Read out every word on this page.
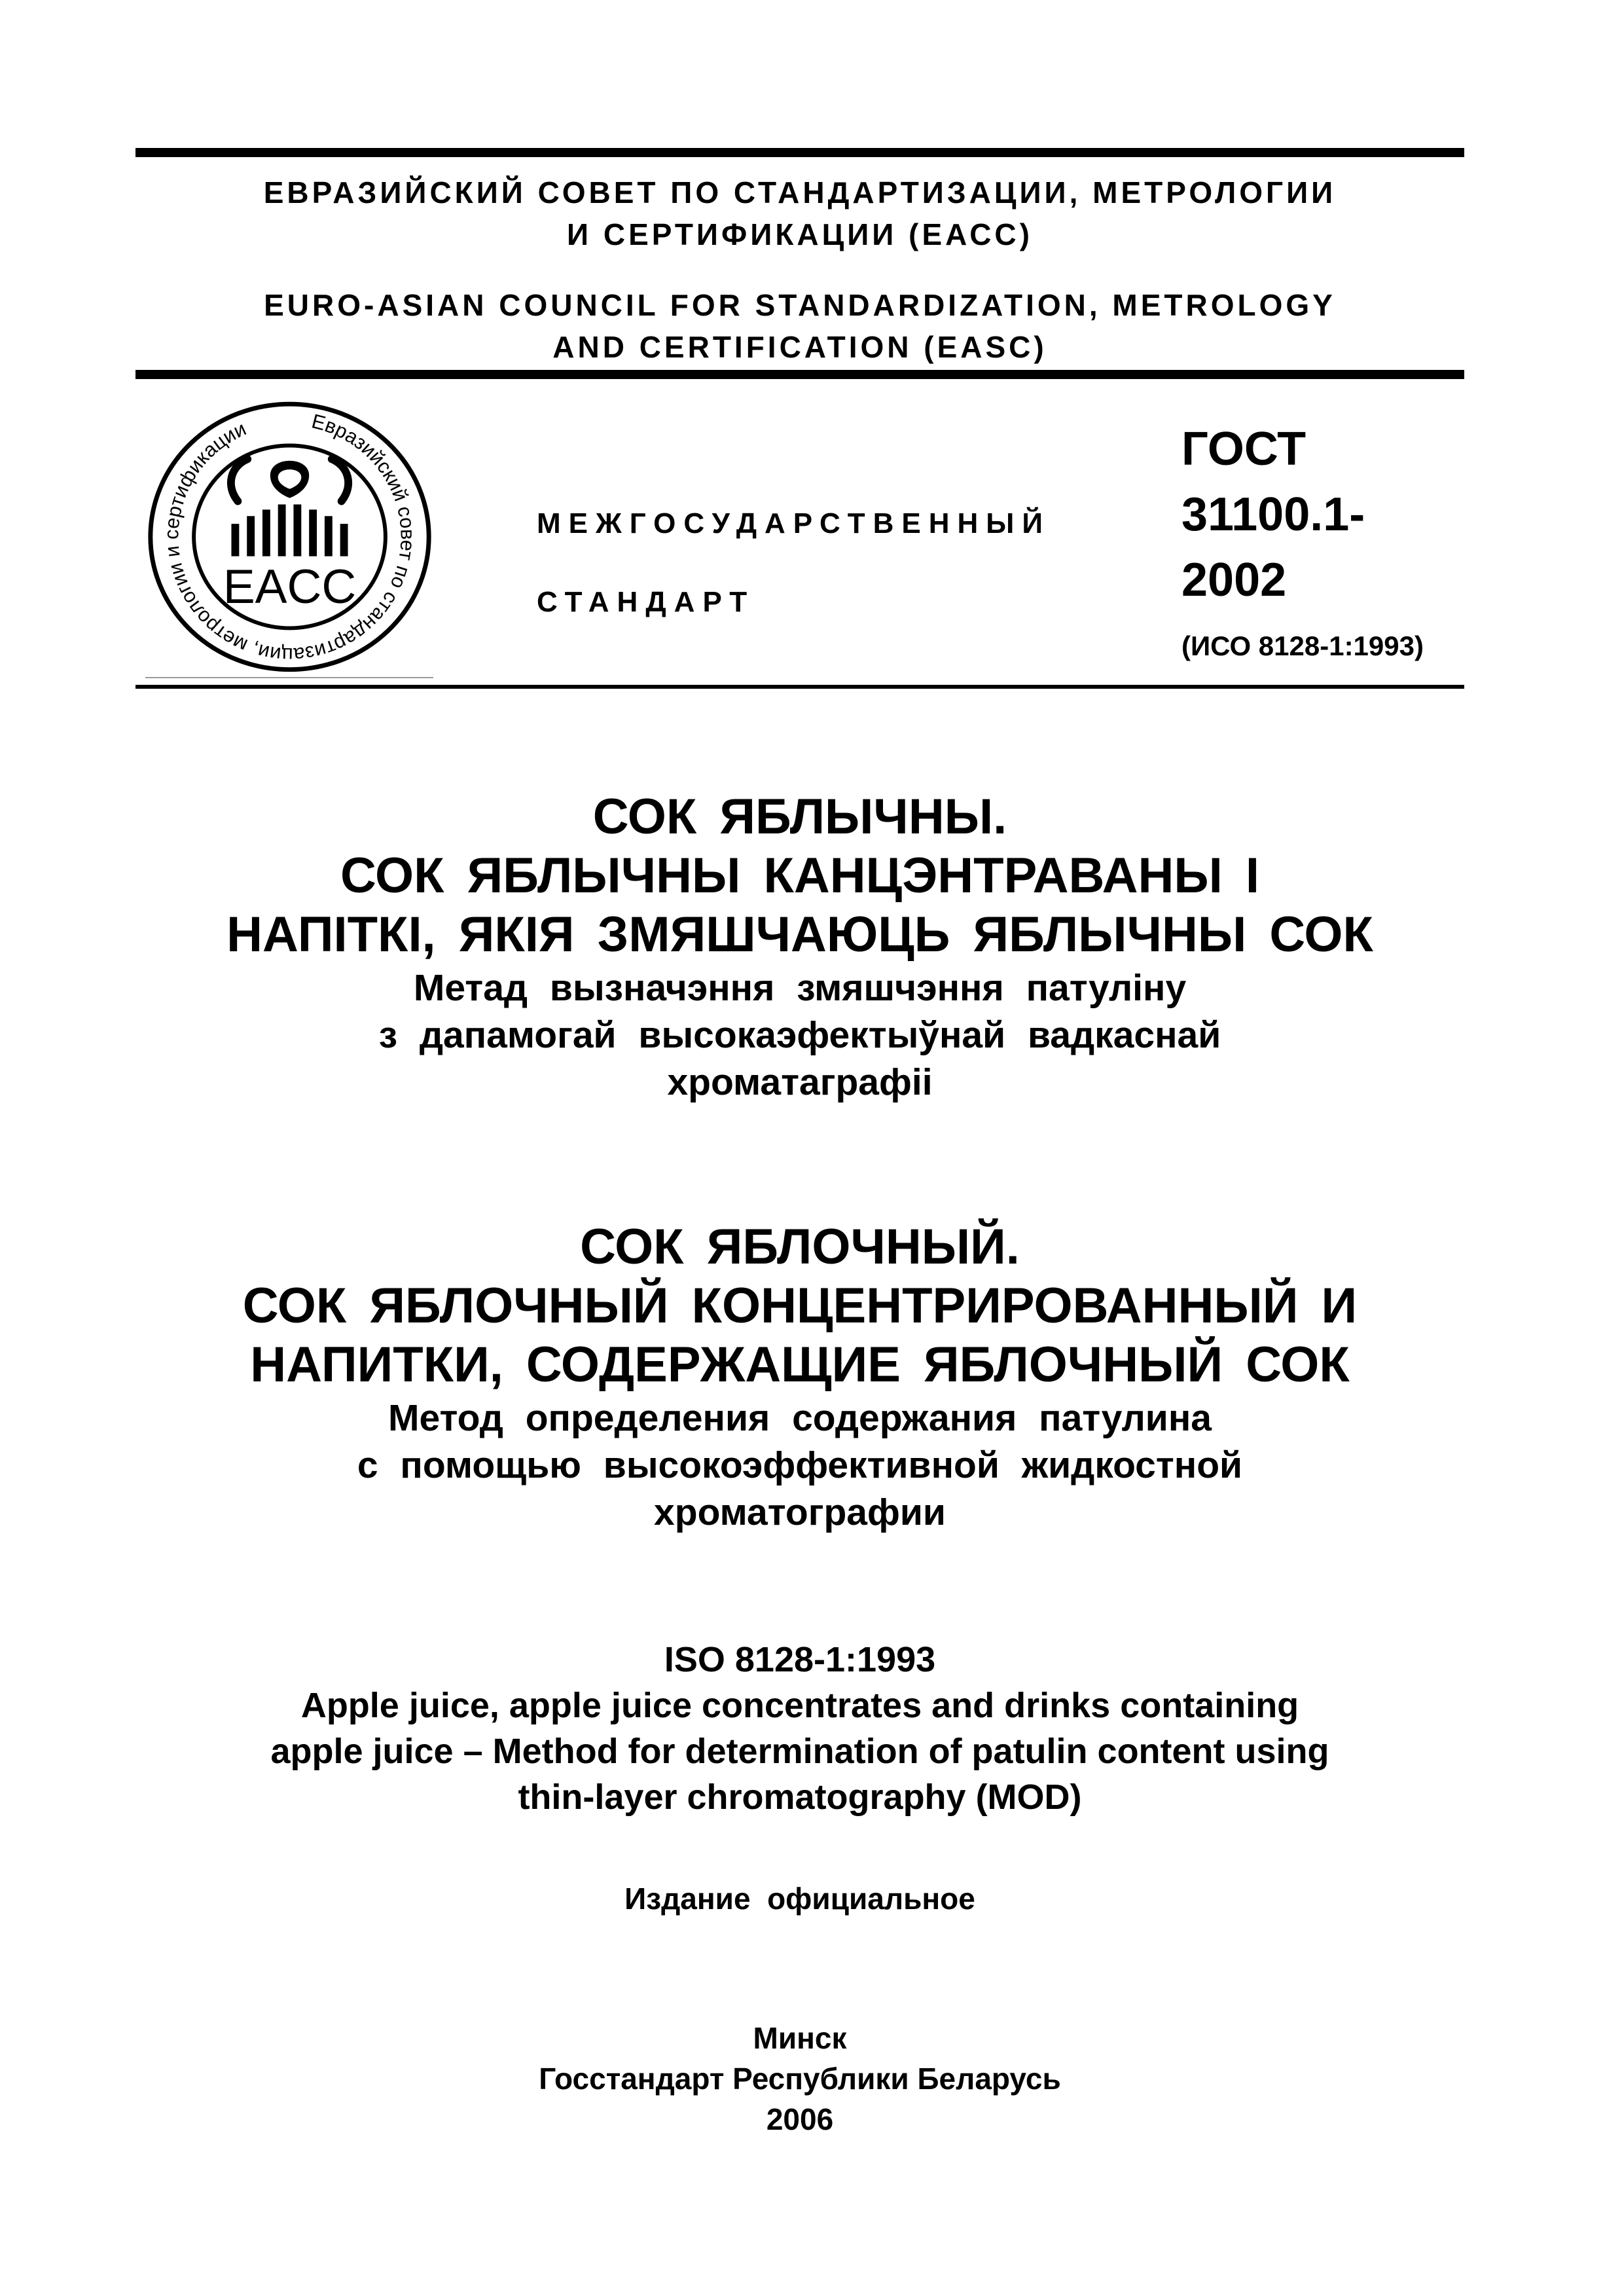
ЕВРАЗИЙСКИЙ СОВЕТ ПО СТАНДАРТИЗАЦИИ, МЕТРОЛОГИИ
И СЕРТИФИКАЦИИ (ЕАСС)
EURO-ASIAN COUNCIL FOR STANDARDIZATION, METROLOGY
AND CERTIFICATION (EASC)
Евразийский совет по стандартизации, метрологии и сертификации
EACC
МЕЖГОСУДАРСТВЕННЫЙ
СТАНДАРТ
ГОСТ
31100.1-
2002
(ИСО 8128-1:1993)
СОК ЯБЛЫЧНЫ.
СОК ЯБЛЫЧНЫ КАНЦЭНТРАВАНЫ І
НАПІТКІ, ЯКІЯ ЗМЯШЧАЮЦЬ ЯБЛЫЧНЫ СОК
Метад вызначэння змяшчэння патуліну
з дапамогай высокаэфектыўнай вадкаснай
хроматаграфіі
СОК ЯБЛОЧНЫЙ.
СОК ЯБЛОЧНЫЙ КОНЦЕНТРИРОВАННЫЙ И
НАПИТКИ, СОДЕРЖАЩИЕ ЯБЛОЧНЫЙ СОК
Метод определения содержания патулина
с помощью высокоэффективной жидкостной
хроматографии
ISO 8128-1:1993
Apple juice, apple juice concentrates and drinks containing
apple juice – Method for determination of patulin content using
thin-layer chromatography (MOD)
Издание  официальное
Минск
Госстандарт Республики Беларусь
2006
